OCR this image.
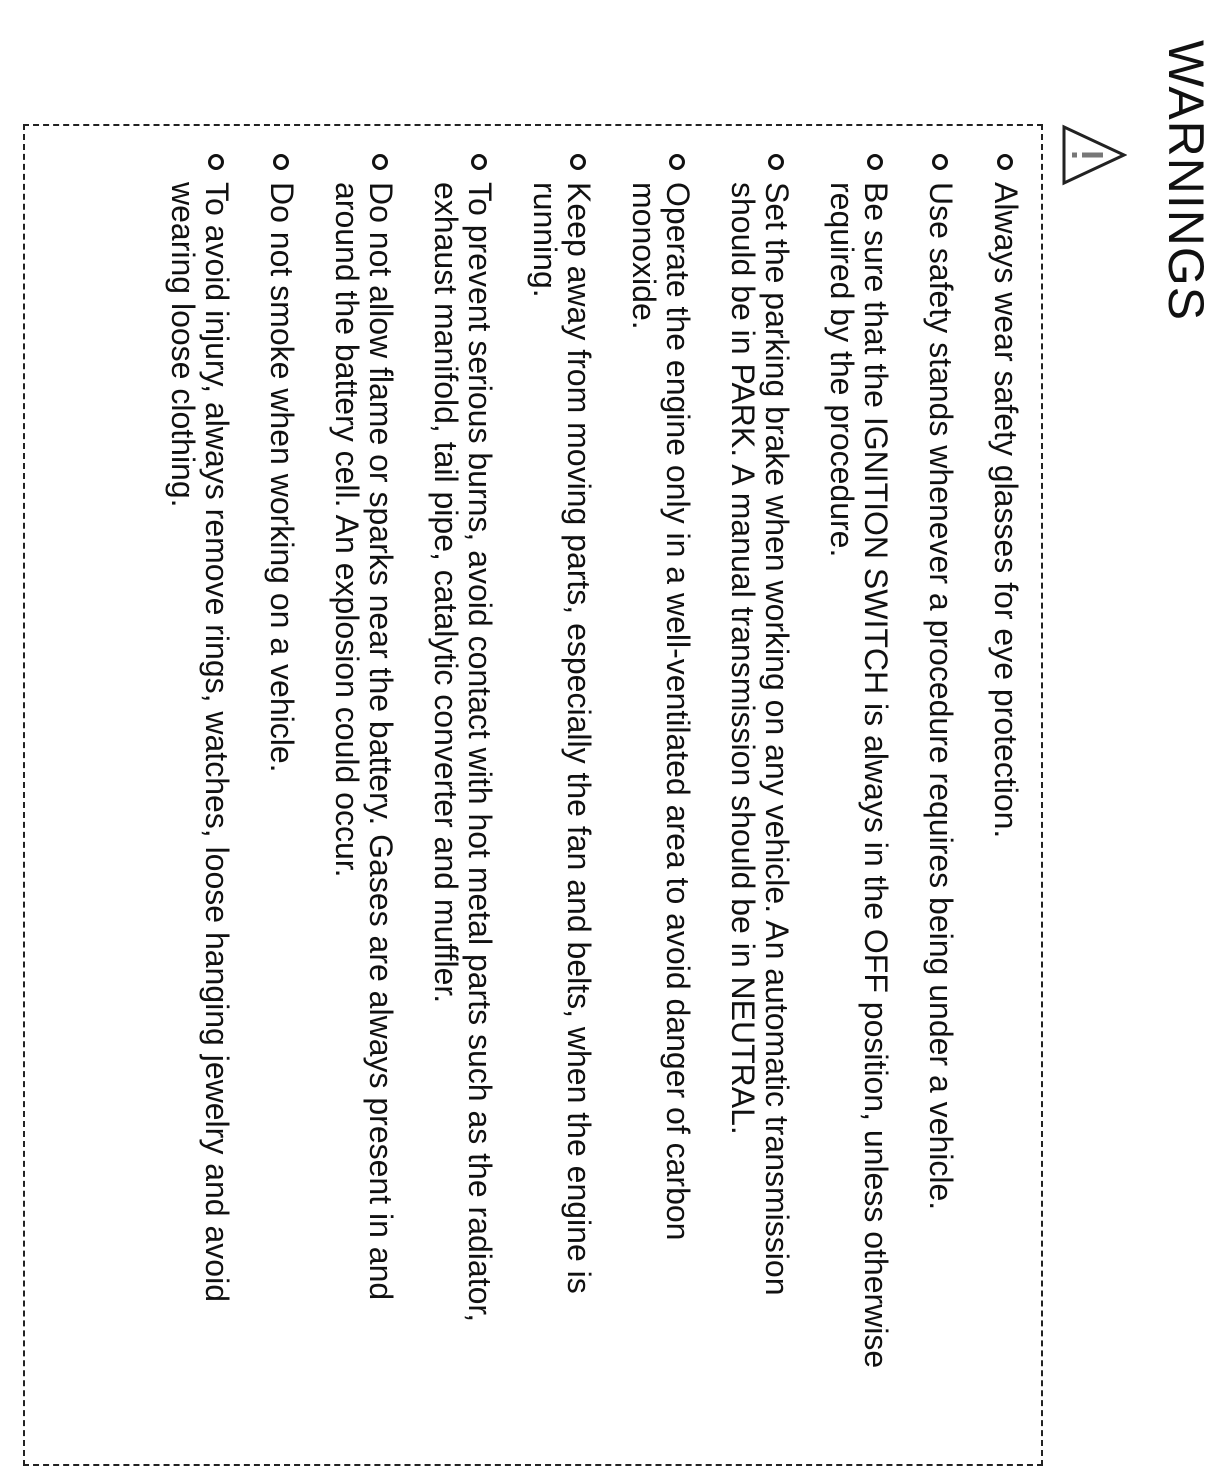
WARNINGS
Always wear safety glasses for eye protection.
Use safety stands whenever a procedure requires being under a vehicle.
Be sure that the IGNITION SWITCH is always in the OFF position, unless otherwise required by the procedure.
Set the parking brake when working on any vehicle. An automatic transmission should be in PARK. A manual transmission should be in NEUTRAL.
Operate the engine only in a well-ventilated area to avoid danger of carbon monoxide.
Keep away from moving parts, especially the fan and belts, when the engine is running.
To prevent serious burns, avoid contact with hot metal parts such as the radiator, exhaust manifold, tail pipe, catalytic converter and muffler.
Do not allow flame or sparks near the battery. Gases are always present in and around the battery cell. An explosion could occur.
Do not smoke when working on a vehicle.
To avoid injury, always remove rings, watches, loose hanging jewelry and avoid wearing loose clothing.
